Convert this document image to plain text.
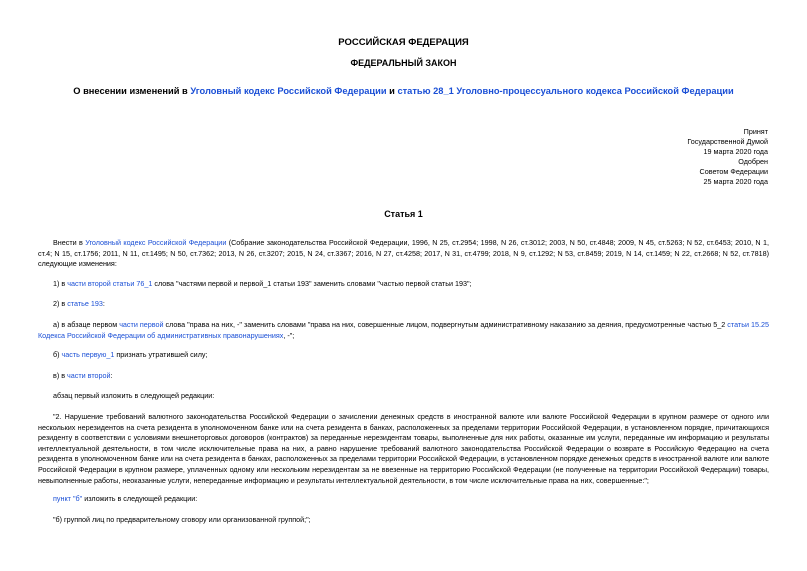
РОССИЙСКАЯ ФЕДЕРАЦИЯ
ФЕДЕРАЛЬНЫЙ ЗАКОН
О внесении изменений в Уголовный кодекс Российской Федерации и статью 28_1 Уголовно-процессуального кодекса Российской Федерации
Принят
Государственной Думой
19 марта 2020 года
Одобрен
Советом Федерации
25 марта 2020 года
Статья 1
Внести в Уголовный кодекс Российской Федерации (Собрание законодательства Российской Федерации, 1996, N 25, ст.2954; 1998, N 26, ст.3012; 2003, N 50, ст.4848; 2009, N 45, ст.5263; N 52, ст.6453; 2010, N 1, ст.4; N 15, ст.1756; 2011, N 11, ст.1495; N 50, ст.7362; 2013, N 26, ст.3207; 2015, N 24, ст.3367; 2016, N 27, ст.4258; 2017, N 31, ст.4799; 2018, N 9, ст.1292; N 53, ст.8459; 2019, N 14, ст.1459; N 22, ст.2668; N 52, ст.7818) следующие изменения:
1) в части второй статьи 76_1 слова "частями первой и первой_1 статьи 193" заменить словами "частью первой статьи 193";
2) в статье 193:
а) в абзаце первом части первой слова "права на них, -" заменить словами "права на них, совершенные лицом, подвергнутым административному наказанию за деяния, предусмотренные частью 5_2 статьи 15.25 Кодекса Российской Федерации об административных правонарушениях, -";
б) часть первую_1 признать утратившей силу;
в) в части второй:
абзац первый изложить в следующей редакции:
"2. Нарушение требований валютного законодательства Российской Федерации о зачислении денежных средств в иностранной валюте или валюте Российской Федерации в крупном размере от одного или нескольких нерезидентов на счета резидента в уполномоченном банке или на счета резидента в банках, расположенных за пределами территории Российской Федерации, в установленном порядке, причитающихся резиденту в соответствии с условиями внешнеторговых договоров (контрактов) за переданные нерезидентам товары, выполненные для них работы, оказанные им услуги, переданные им информацию и результаты интеллектуальной деятельности, в том числе исключительные права на них, а равно нарушение требований валютного законодательства Российской Федерации о возврате в Российскую Федерацию на счета резидента в уполномоченном банке или на счета резидента в банках, расположенных за пределами территории Российской Федерации, в установленном порядке денежных средств в иностранной валюте или валюте Российской Федерации в крупном размере, уплаченных одному или нескольким нерезидентам за не ввезенные на территорию Российской Федерации (не полученные на территории Российской Федерации) товары, невыполненные работы, неоказанные услуги, непереданные информацию и результаты интеллектуальной деятельности, в том числе исключительные права на них, совершенные:";
пункт "б" изложить в следующей редакции:
"б) группой лиц по предварительному сговору или организованной группой;";
